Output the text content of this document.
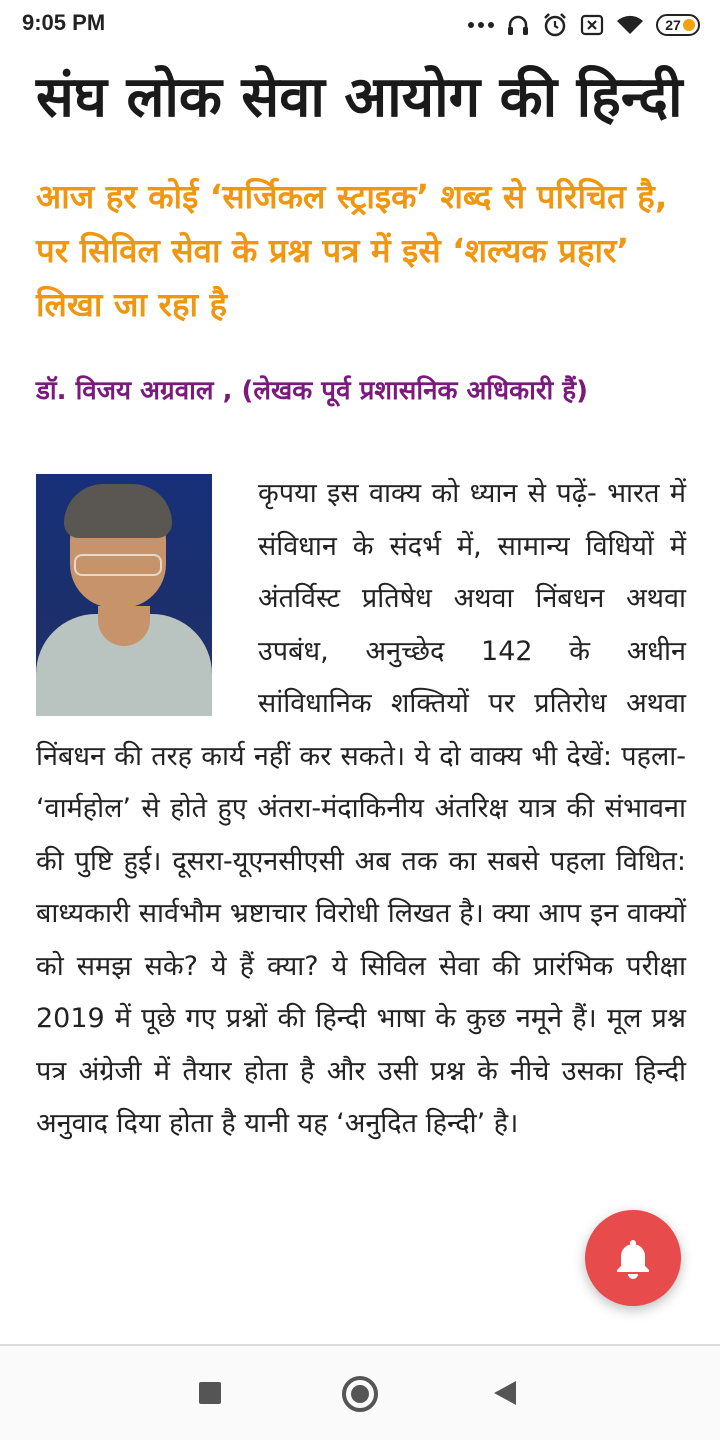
9:05 PM	27
संघ लोक सेवा आयोग की हिन्दी
आज हर कोई ‘सर्जिकल स्ट्राइक’ शब्द से परिचित है, पर सिविल सेवा के प्रश्न पत्र में इसे ‘शल्यक प्रहार’ लिखा जा रहा है
डॉ. विजय अग्रवाल , (लेखक पूर्व प्रशासनिक अधिकारी हैं)
कृपया इस वाक्य को ध्यान से पढ़ें- भारत में संविधान के संदर्भ में, सामान्य विधियों में अंतर्विस्ट प्रतिषेध अथवा निंबधन अथवा उपबंध, अनुच्छेद 142 के अधीन सांविधानिक शक्तियों पर प्रतिरोध अथवा निंबधन की तरह कार्य नहीं कर सकते। ये दो वाक्य भी देखें: पहला- ‘वार्महोल’ से होते हुए अंतरा-मंदाकिनीय अंतरिक्ष यात्र की संभावना की पुष्टि हुई। दूसरा-यूएनसीएसी अब तक का सबसे पहला विधित: बाध्यकारी सार्वभौम भ्रष्टाचार विरोधी लिखत है। क्या आप इन वाक्यों को समझ सके? ये हैं क्या? ये सिविल सेवा की प्रारंभिक परीक्षा 2019 में पूछे गए प्रश्नों की हिन्दी भाषा के कुछ नमूने हैं। मूल प्रश्न पत्र अंग्रेजी में तैयार होता है और उसी प्रश्न के नीचे उसका हिन्दी अनुवाद दिया होता है यानी यह ‘अनुदित हिन्दी’ है।
